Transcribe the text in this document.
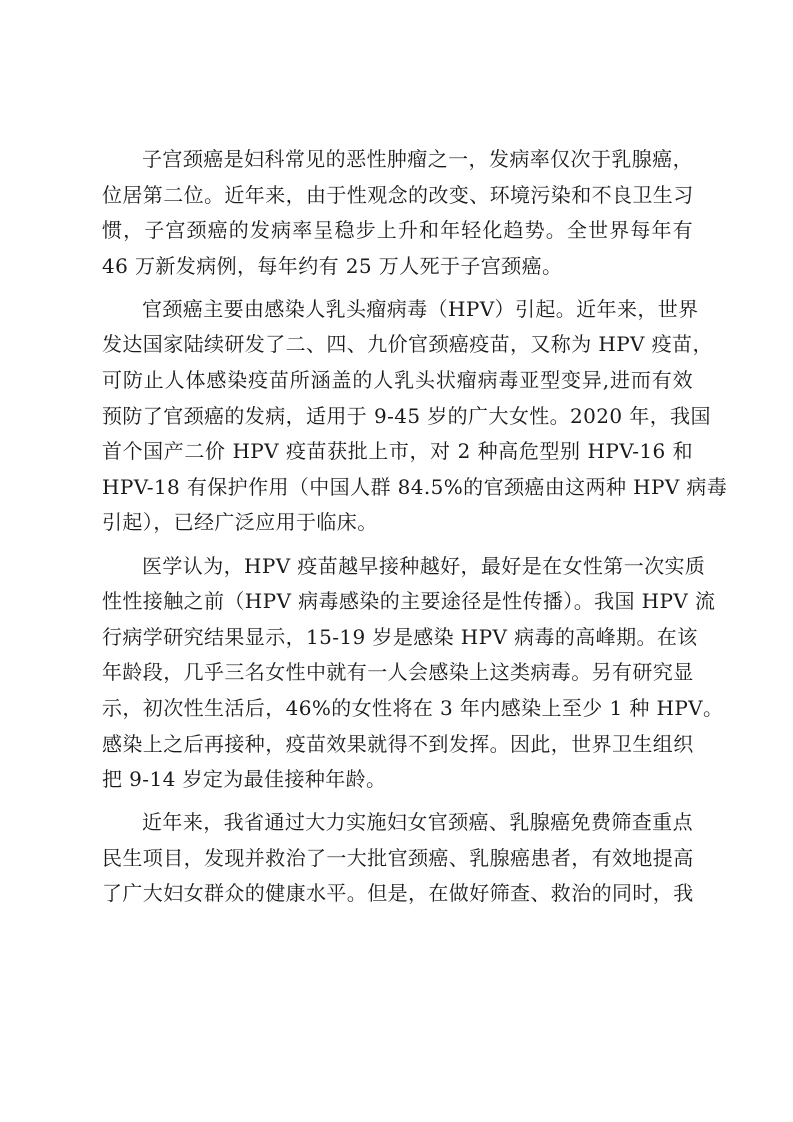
子宫颈癌是妇科常见的恶性肿瘤之一，发病率仅次于乳腺癌，
位居第二位。近年来，由于性观念的改变、环境污染和不良卫生习
惯，子宫颈癌的发病率呈稳步上升和年轻化趋势。全世界每年有
46 万新发病例，每年约有 25 万人死于子宫颈癌。
官颈癌主要由感染人乳头瘤病毒（HPV）引起。近年来，世界
发达国家陆续研发了二、四、九价官颈癌疫苗，又称为 HPV 疫苗，
可防止人体感染疫苗所涵盖的人乳头状瘤病毒亚型变异,进而有效
预防了官颈癌的发病，适用于 9-45 岁的广大女性。2020 年，我国
首个国产二价 HPV 疫苗获批上市，对 2 种高危型别 HPV-16 和
HPV-18 有保护作用（中国人群 84.5%的官颈癌由这两种 HPV 病毒
引起），已经广泛应用于临床。
医学认为，HPV 疫苗越早接种越好，最好是在女性第一次实质
性性接触之前（HPV 病毒感染的主要途径是性传播）。我国 HPV 流
行病学研究结果显示，15-19 岁是感染 HPV 病毒的高峰期。在该
年龄段，几乎三名女性中就有一人会感染上这类病毒。另有研究显
示，初次性生活后，46%的女性将在 3 年内感染上至少 1 种 HPV。
感染上之后再接种，疫苗效果就得不到发挥。因此，世界卫生组织
把 9-14 岁定为最佳接种年龄。
近年来，我省通过大力实施妇女官颈癌、乳腺癌免费筛查重点
民生项目，发现并救治了一大批官颈癌、乳腺癌患者，有效地提高
了广大妇女群众的健康水平。但是，在做好筛查、救治的同时，我
